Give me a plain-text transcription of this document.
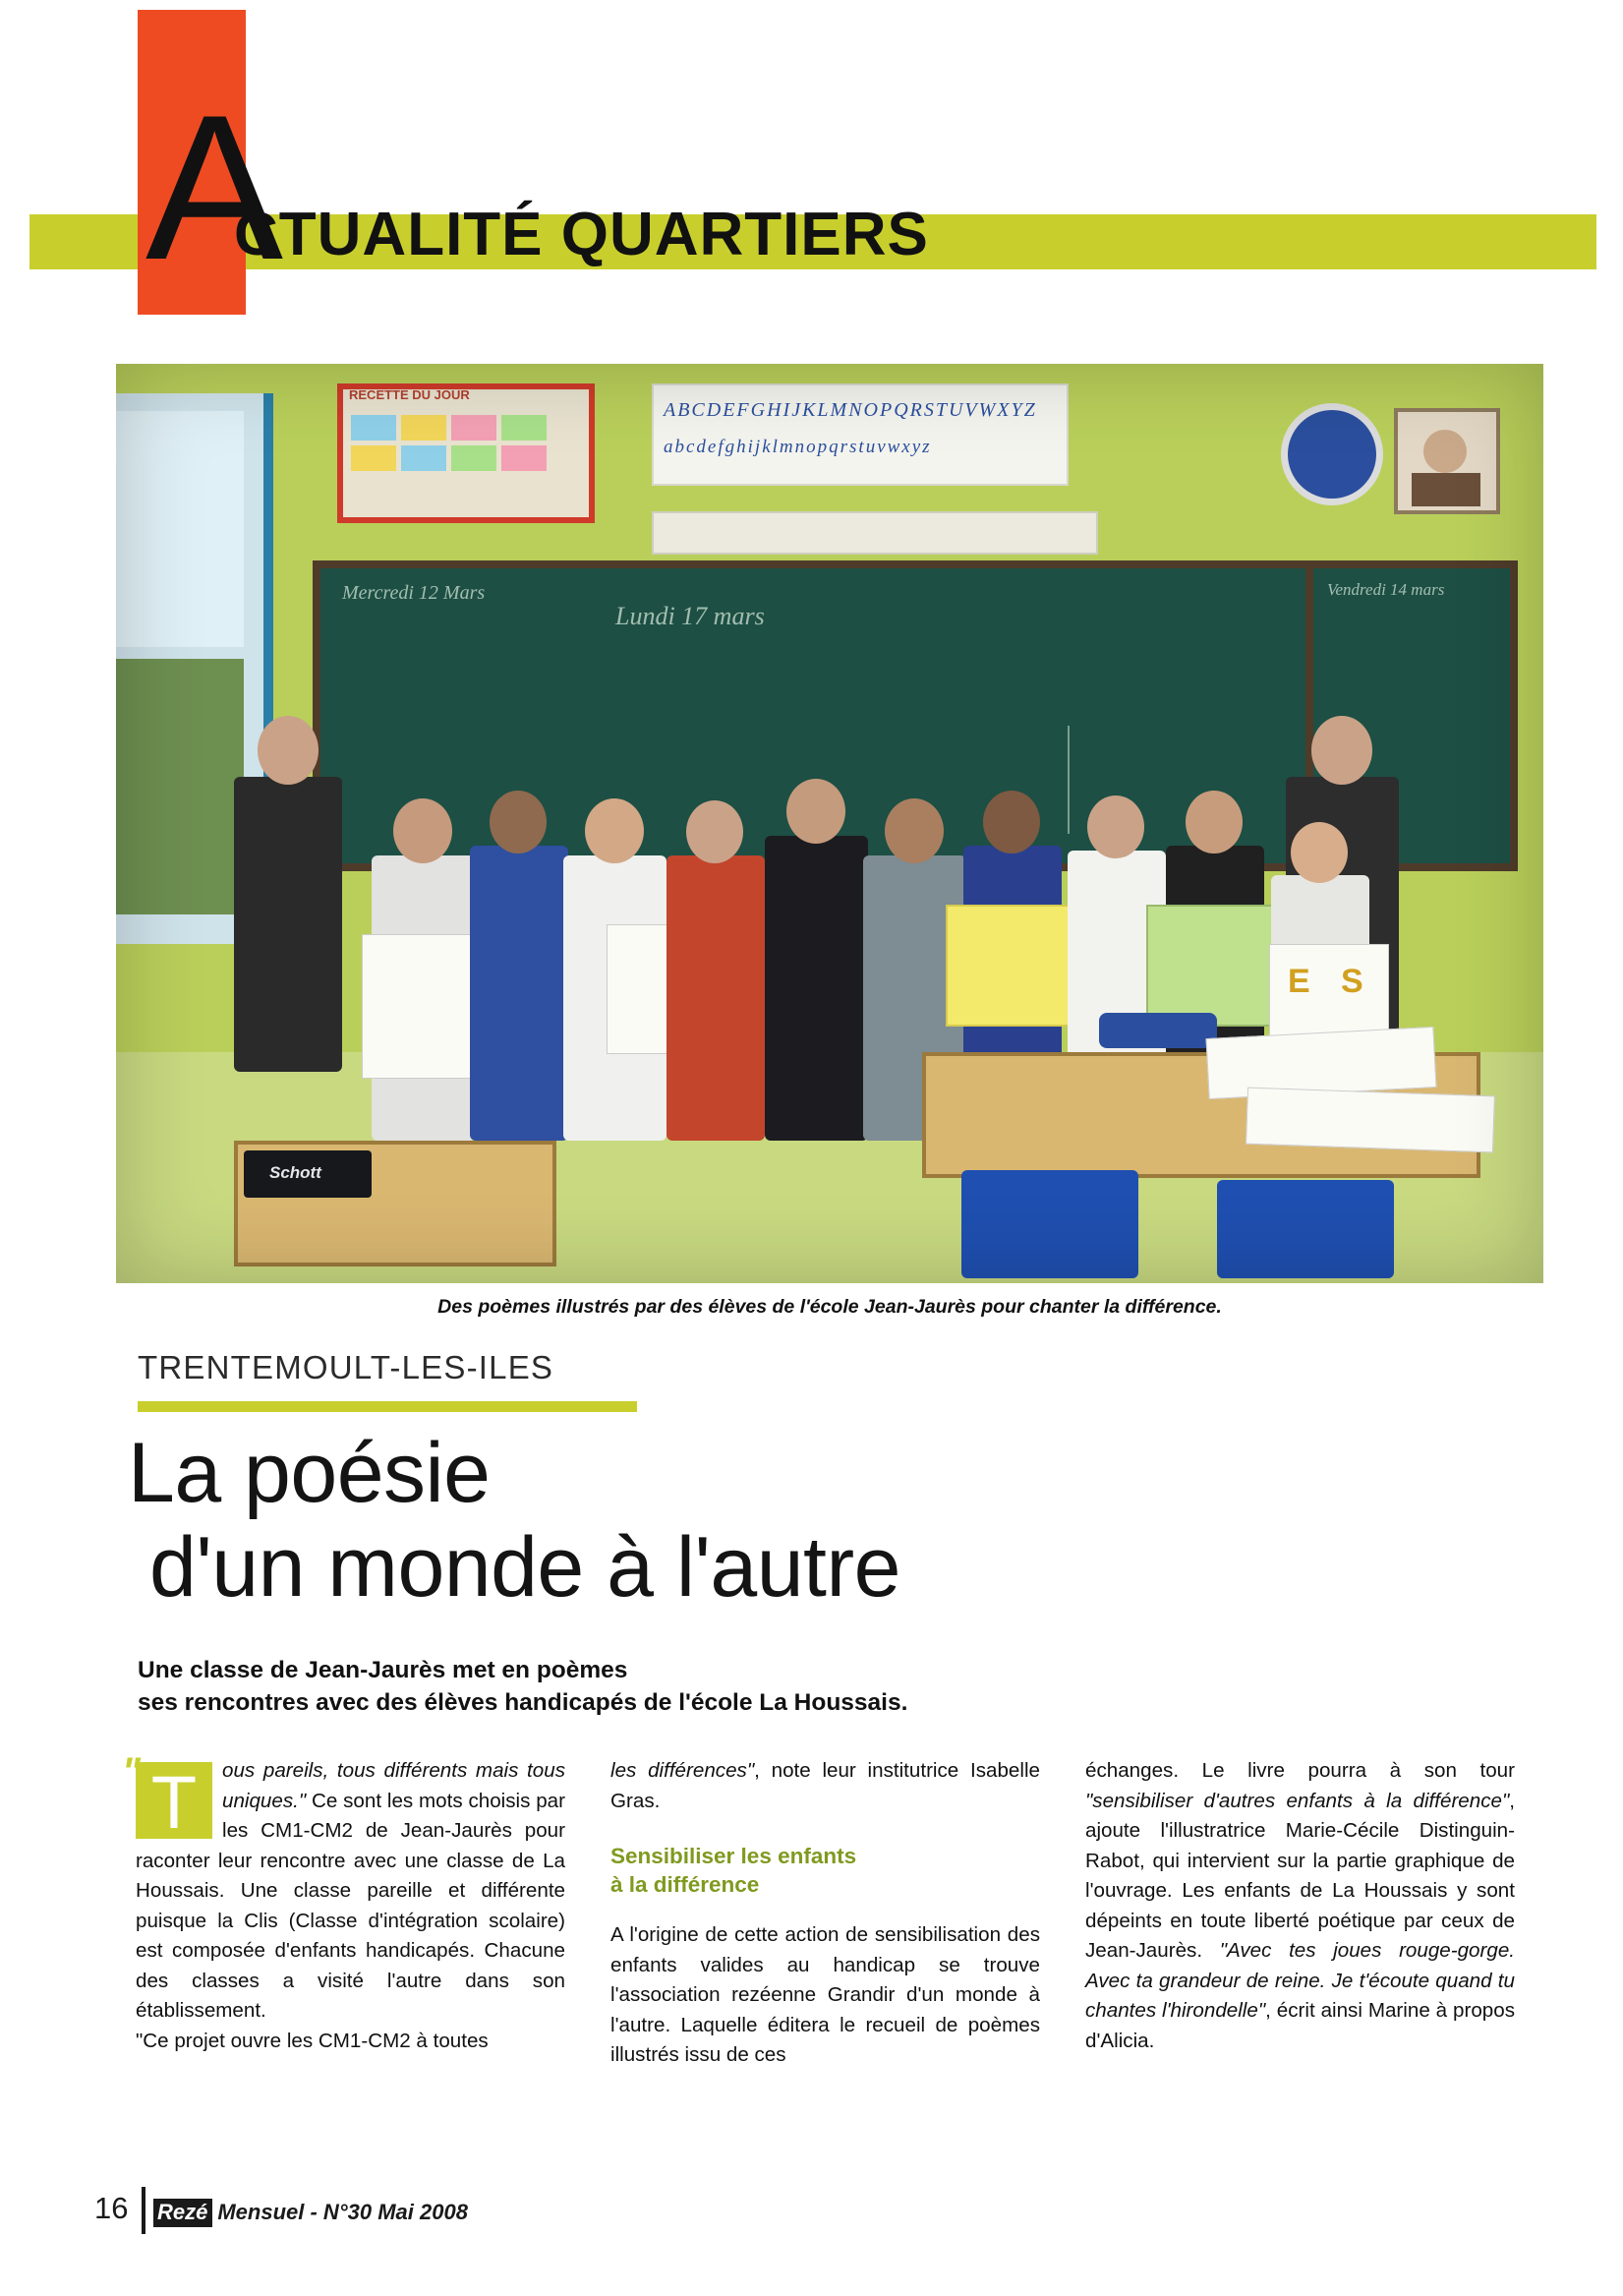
A
CTUALITÉ QUARTIERS
Mercredi 12 Mars
Lundi 17 mars
Vendredi 14 mars
RECETTE DU JOUR
ABCDEFGHIJKLMNOPQRSTUVWXYZ
abcdefghijklmnopqrstuvwxyz
E S
Schott
Des poèmes illustrés par des élèves de l'école Jean-Jaurès pour chanter la différence.
TRENTEMOULT-LES-ILES
La poésie
d'un monde à l'autre
Une classe de Jean-Jaurès met en poèmes
ses rencontres avec des élèves handicapés de l'école La Houssais.
" T	ous pareils, tous différents mais tous uniques." Ce sont les mots choisis par les CM1-CM2 de Jean-Jaurès pour raconter leur rencontre avec une classe de La Houssais. Une classe pareille et différente puisque la Clis (Classe d'intégration scolaire) est composée d'enfants handicapés. Chacune des classes a visité l'autre dans son établissement.

"Ce projet ouvre les CM1-CM2 à toutes

les différences", note leur institutrice Isabelle Gras.

Sensibiliser les enfants
à la différence

A l'origine de cette action de sensibilisation des enfants valides au handicap se trouve l'association rezéenne Grandir d'un monde à l'autre. Laquelle éditera le recueil de poèmes illustrés issu de ces

échanges. Le livre pourra à son tour "sensibiliser d'autres enfants à la différence", ajoute l'illustratrice Marie-Cécile Distinguin-Rabot, qui intervient sur la partie graphique de l'ouvrage. Les enfants de La Houssais y sont dépeints en toute liberté poétique par ceux de Jean-Jaurès. "Avec tes joues rouge-gorge. Avec ta grandeur de reine. Je t'écoute quand tu chantes l'hirondelle", écrit ainsi Marine à propos d'Alicia.

16 Rezé Mensuel - N°30 Mai 2008
